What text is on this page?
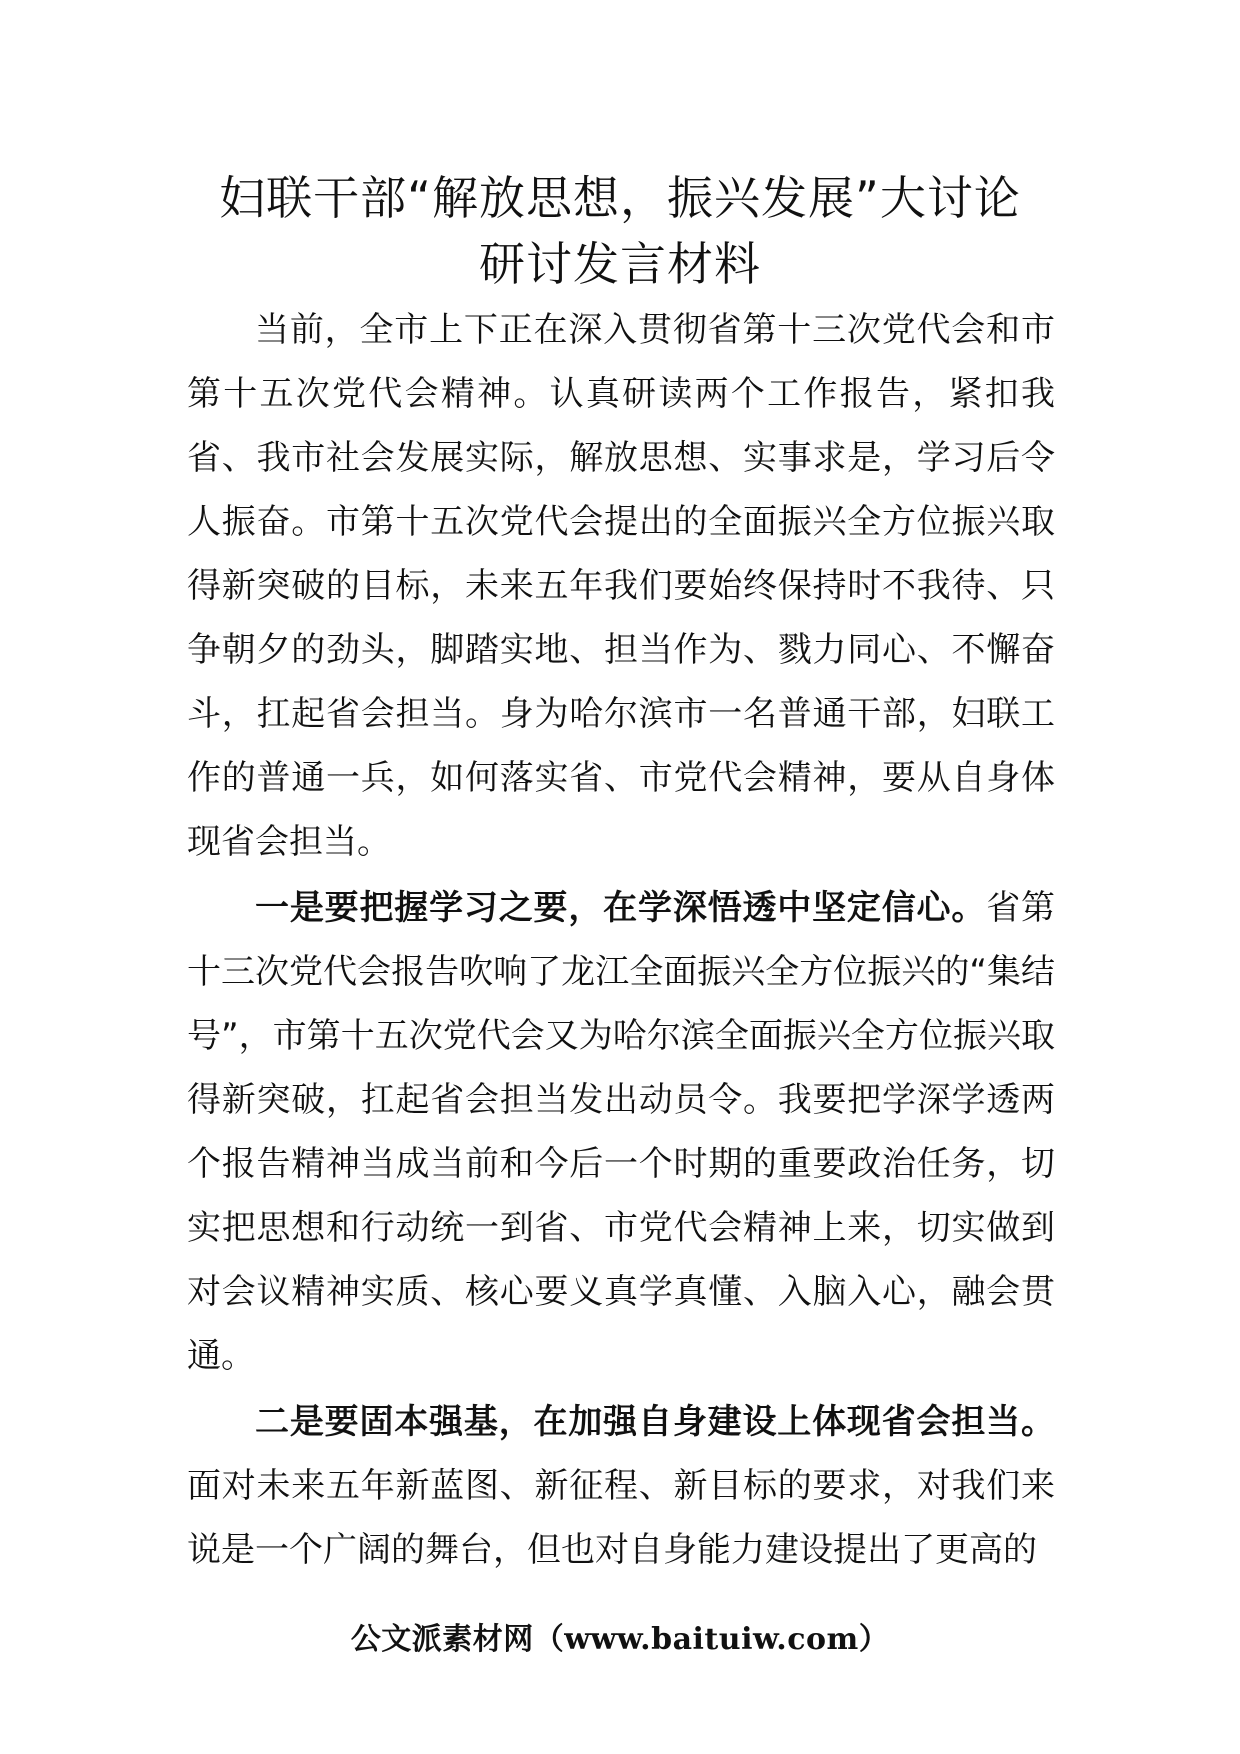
妇联干部“解放思想，振兴发展”大讨论
研讨发言材料

当前，全市上下正在深入贯彻省第十三次党代会和市第十五次党代会精神。认真研读两个工作报告，紧扣我省、我市社会发展实际，解放思想、实事求是，学习后令人振奋。市第十五次党代会提出的全面振兴全方位振兴取得新突破的目标，未来五年我们要始终保持时不我待、只争朝夕的劲头，脚踏实地、担当作为、戮力同心、不懈奋斗，扛起省会担当。身为哈尔滨市一名普通干部，妇联工作的普通一兵，如何落实省、市党代会精神，要从自身体现省会担当。

一是要把握学习之要，在学深悟透中坚定信心。省第十三次党代会报告吹响了龙江全面振兴全方位振兴的“集结号”，市第十五次党代会又为哈尔滨全面振兴全方位振兴取得新突破，扛起省会担当发出动员令。我要把学深学透两个报告精神当成当前和今后一个时期的重要政治任务，切实把思想和行动统一到省、市党代会精神上来，切实做到对会议精神实质、核心要义真学真懂、入脑入心，融会贯通。

二是要固本强基，在加强自身建设上体现省会担当。面对未来五年新蓝图、新征程、新目标的要求，对我们来说是一个广阔的舞台，但也对自身能力建设提出了更高的

公文派素材网（www.baituiw.com）
